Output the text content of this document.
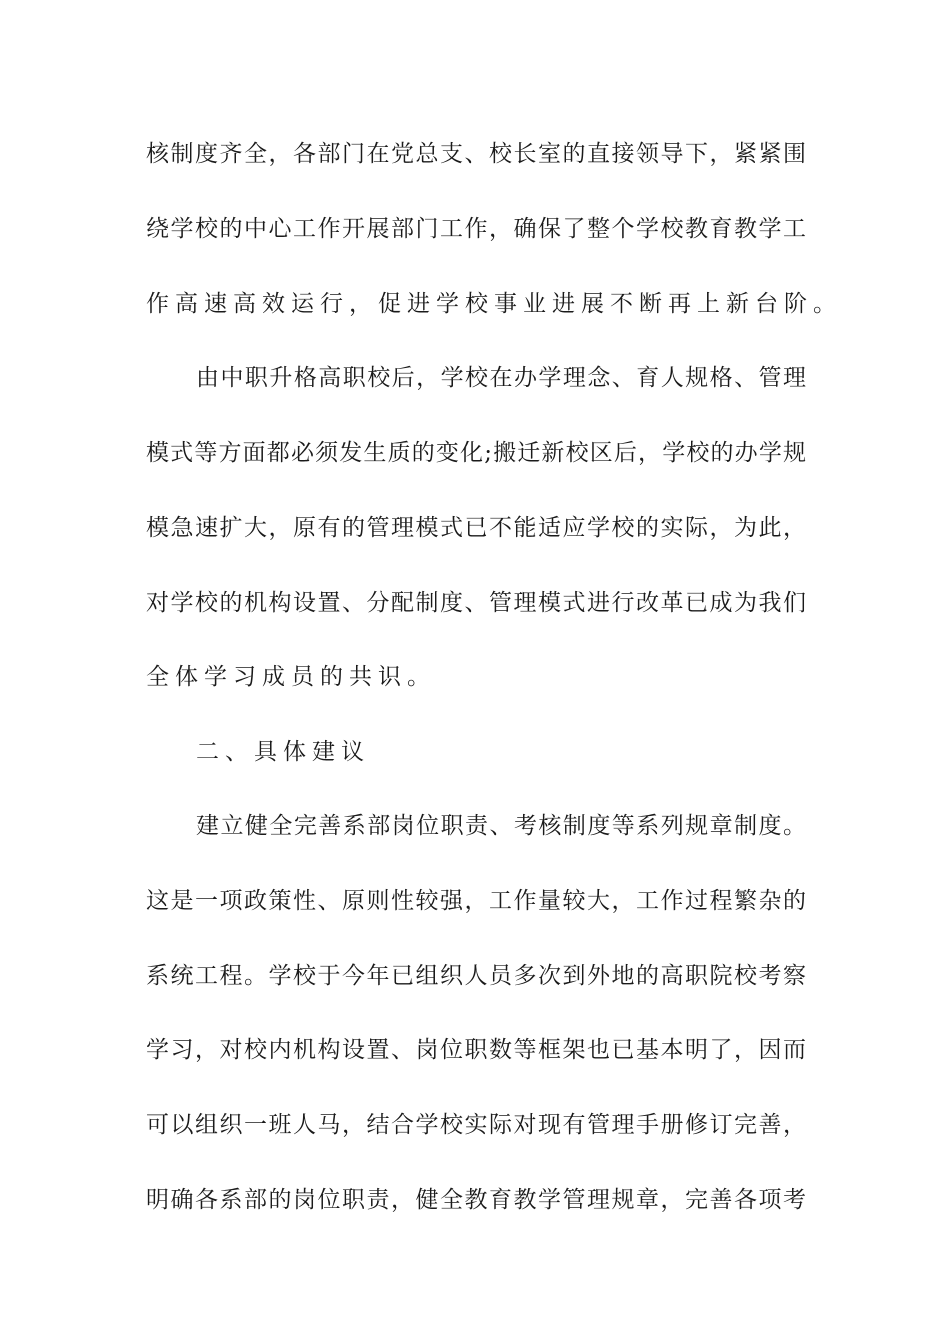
核制度齐全，各部门在党总支、校长室的直接领导下，紧紧围
绕学校的中心工作开展部门工作，确保了整个学校教育教学工
作高速高效运行，促进学校事业进展不断再上新台阶。
由中职升格高职校后，学校在办学理念、育人规格、管理
模式等方面都必须发生质的变化;搬迁新校区后，学校的办学规
模急速扩大，原有的管理模式已不能适应学校的实际，为此，
对学校的机构设置、分配制度、管理模式进行改革已成为我们
全体学习成员的共识。
二、具体建议
建立健全完善系部岗位职责、考核制度等系列规章制度。
这是一项政策性、原则性较强，工作量较大，工作过程繁杂的
系统工程。学校于今年已组织人员多次到外地的高职院校考察
学习，对校内机构设置、岗位职数等框架也已基本明了，因而
可以组织一班人马，结合学校实际对现有管理手册修订完善，
明确各系部的岗位职责，健全教育教学管理规章，完善各项考
